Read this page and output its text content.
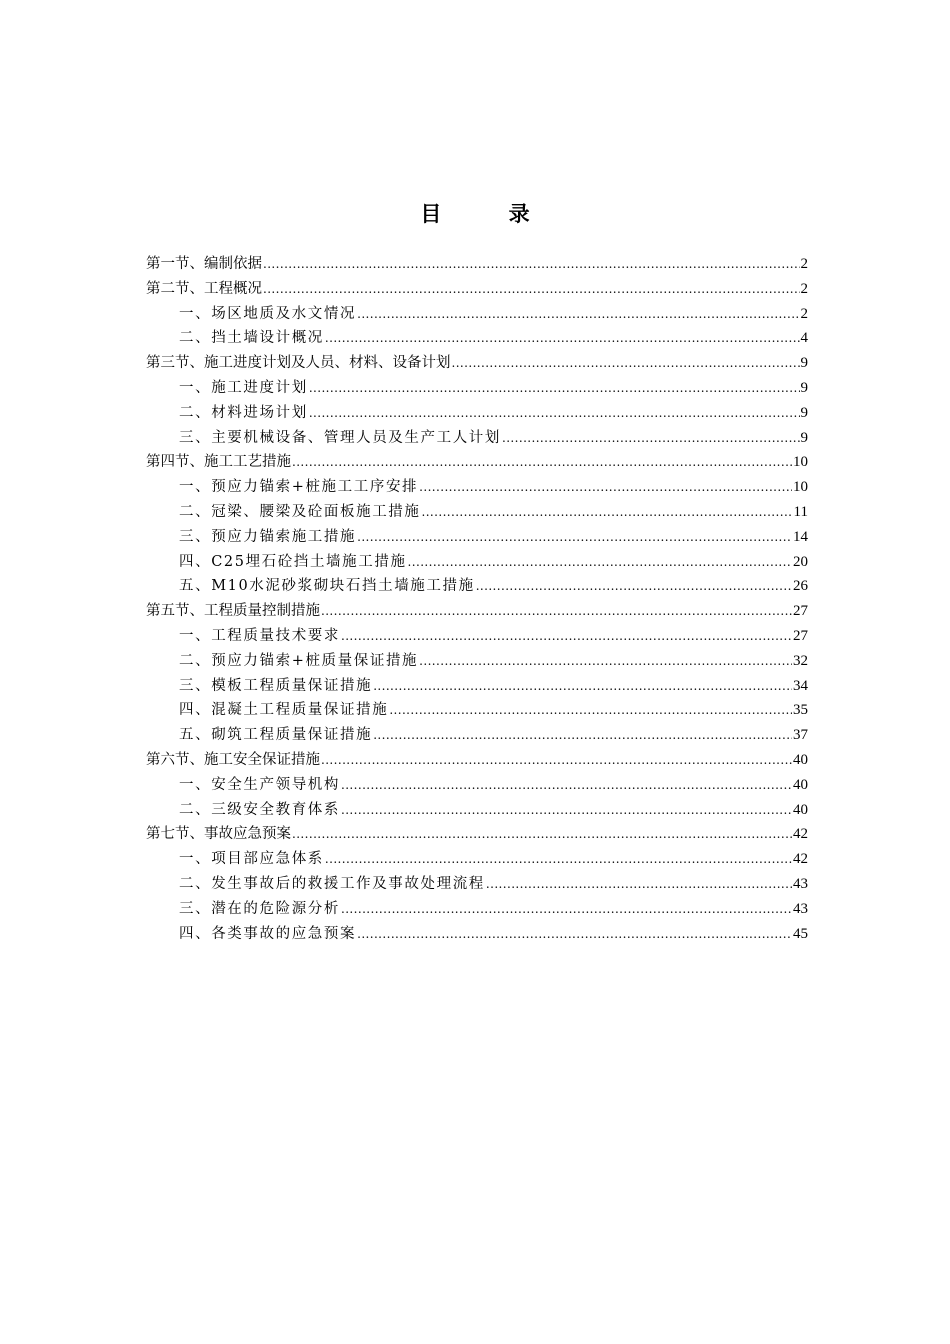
目 录
第一节、编制依据 .....	2
第二节、工程概况 .....	2
一、场区地质及水文情况 .....	2
二、挡土墙设计概况 .....	4
第三节、施工进度计划及人员、材料、设备计划 .....	9
一、施工进度计划 .....	9
二、材料进场计划 .....	9
三、主要机械设备、管理人员及生产工人计划 .....	9
第四节、施工工艺措施 .....	10
一、预应力锚索+桩施工工序安排 .....	10
二、冠梁、腰梁及砼面板施工措施 .....	11
三、预应力锚索施工措施 .....	14
四、C25埋石砼挡土墙施工措施 .....	20
五、M10水泥砂浆砌块石挡土墙施工措施 .....	26
第五节、工程质量控制措施 .....	27
一、工程质量技术要求 .....	27
二、预应力锚索+桩质量保证措施 .....	32
三、模板工程质量保证措施 .....	34
四、混凝土工程质量保证措施 .....	35
五、砌筑工程质量保证措施 .....	37
第六节、施工安全保证措施 .....	40
一、安全生产领导机构 .....	40
二、三级安全教育体系 .....	40
第七节、事故应急预案 .....	42
一、项目部应急体系 .....	42
二、发生事故后的救援工作及事故处理流程 .....	43
三、潜在的危险源分析 .....	43
四、各类事故的应急预案 .....	45
